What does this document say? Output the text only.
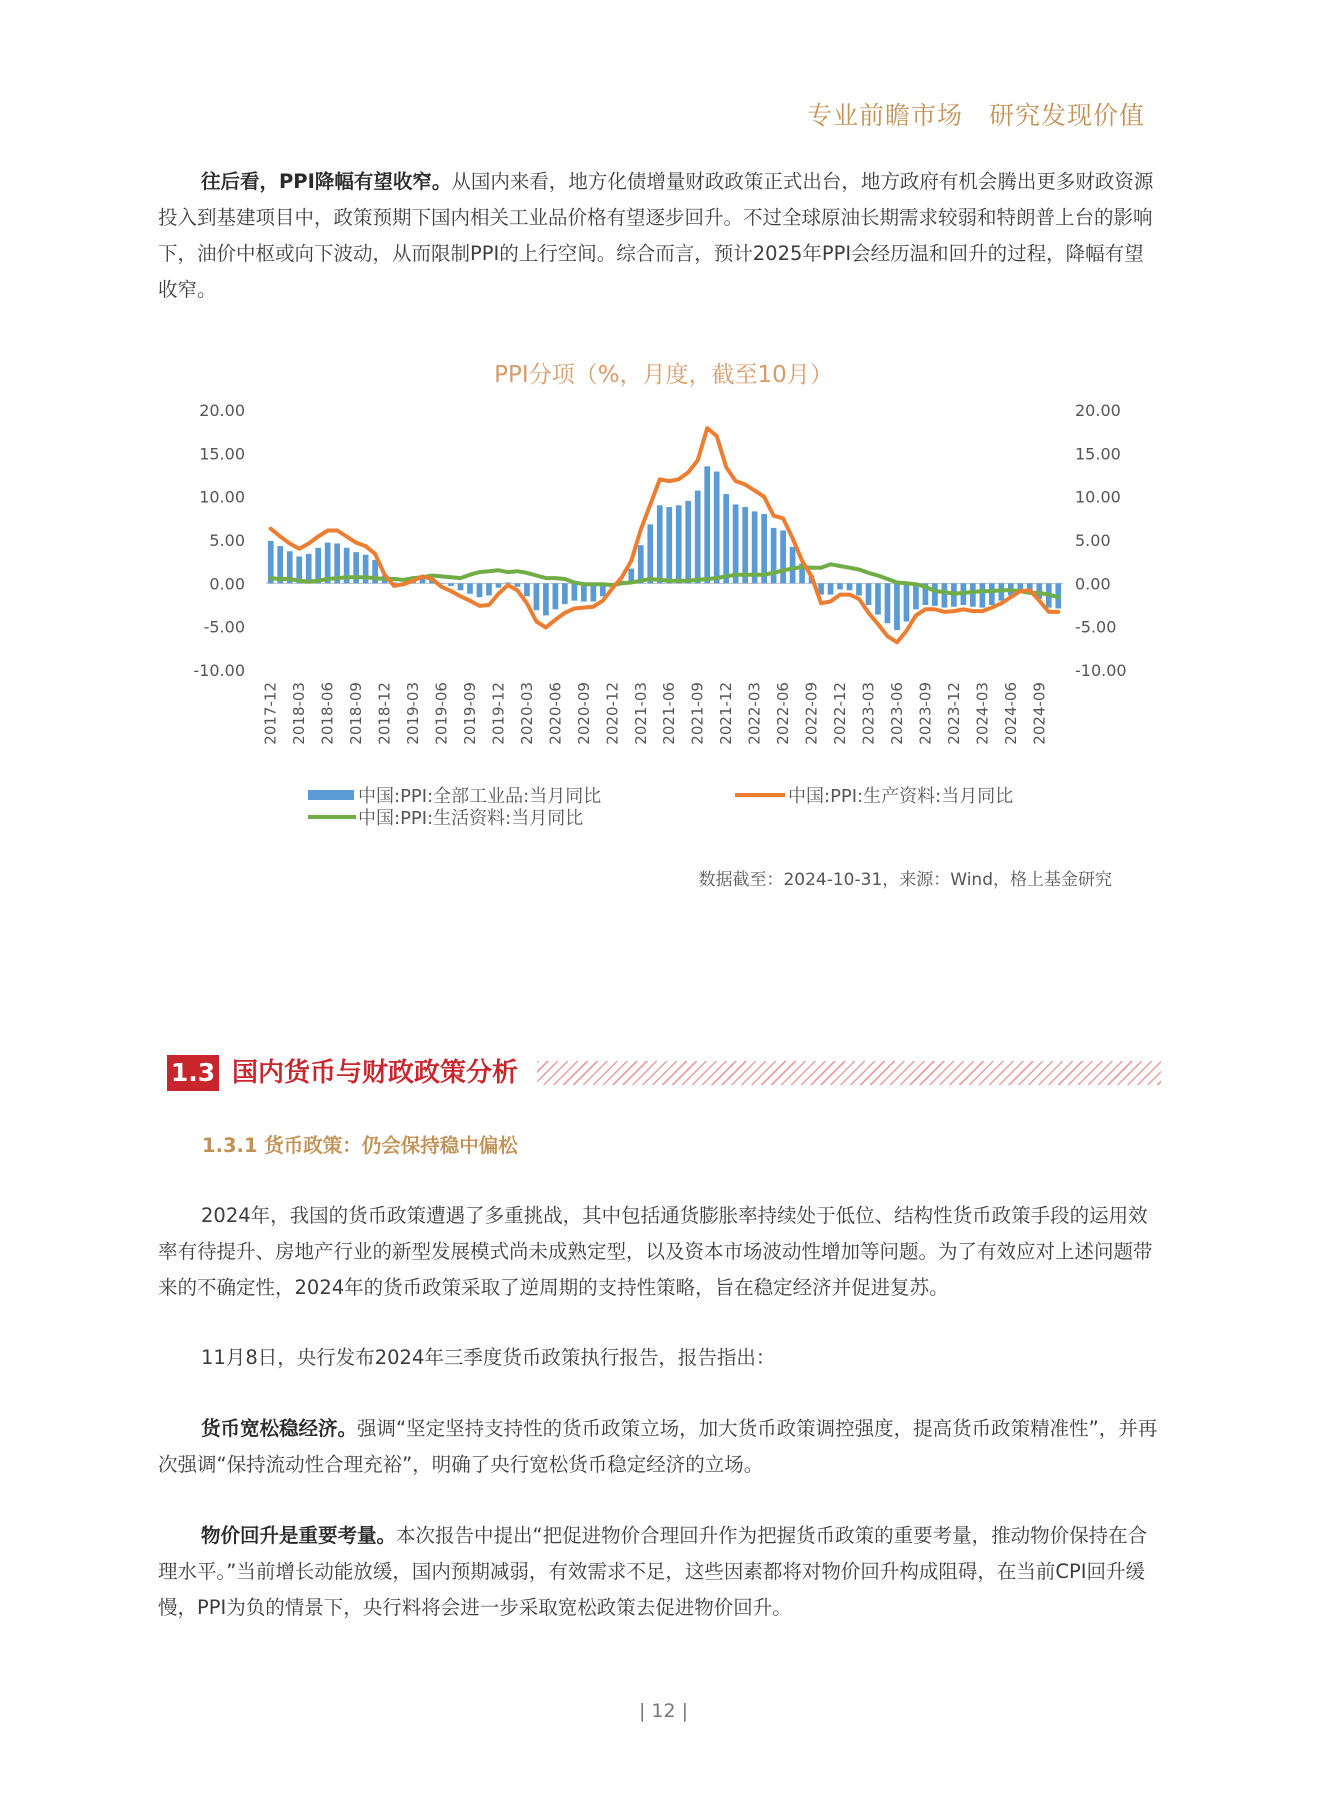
专业前瞻市场 研究发现价值

往后看，PPI降幅有望收窄。从国内来看，地方化债增量财政政策正式出台，地方政府有机会腾出更多财政资源投入到基建项目中，政策预期下国内相关工业品价格有望逐步回升。不过全球原油长期需求较弱和特朗普上台的影响下，油价中枢或向下波动，从而限制PPI的上行空间。综合而言，预计2025年PPI会经历温和回升的过程，降幅有望收窄。

PPI分项（%，月度，截至10月）
20.00	20.00
15.00	15.00
10.00	10.00
5.00	5.00
0.00	0.00
-5.00	-5.00
-10.00	-10.00
2017-12 2018-03 2018-06 2018-09 2018-12 2019-03 2019-06 2019-09 2019-12 2020-03 2020-06 2020-09 2020-12 2021-03 2021-06 2021-09 2021-12 2022-03 2022-06 2022-09 2022-12 2023-03 2023-06 2023-09 2023-12 2024-03 2024-06 2024-09
中国:PPI:全部工业品:当月同比	中国:PPI:生产资料:当月同比
中国:PPI:生活资料:当月同比
数据截至：2024-10-31，来源：Wind，格上基金研究
1.3 国内货币与财政政策分析
1.3.1 货币政策：仍会保持稳中偏松

2024年，我国的货币政策遭遇了多重挑战，其中包括通货膨胀率持续处于低位、结构性货币政策手段的运用效率有待提升、房地产行业的新型发展模式尚未成熟定型，以及资本市场波动性增加等问题。为了有效应对上述问题带来的不确定性，2024年的货币政策采取了逆周期的支持性策略，旨在稳定经济并促进复苏。

11月8日，央行发布2024年三季度货币政策执行报告，报告指出：

货币宽松稳经济。强调“坚定坚持支持性的货币政策立场，加大货币政策调控强度，提高货币政策精准性”，并再次强调“保持流动性合理充裕”，明确了央行宽松货币稳定经济的立场。

物价回升是重要考量。本次报告中提出“把促进物价合理回升作为把握货币政策的重要考量，推动物价保持在合理水平。”当前增长动能放缓，国内预期减弱，有效需求不足，这些因素都将对物价回升构成阻碍，在当前CPI回升缓慢，PPI为负的情景下，央行料将会进一步采取宽松政策去促进物价回升。

| 12 |
